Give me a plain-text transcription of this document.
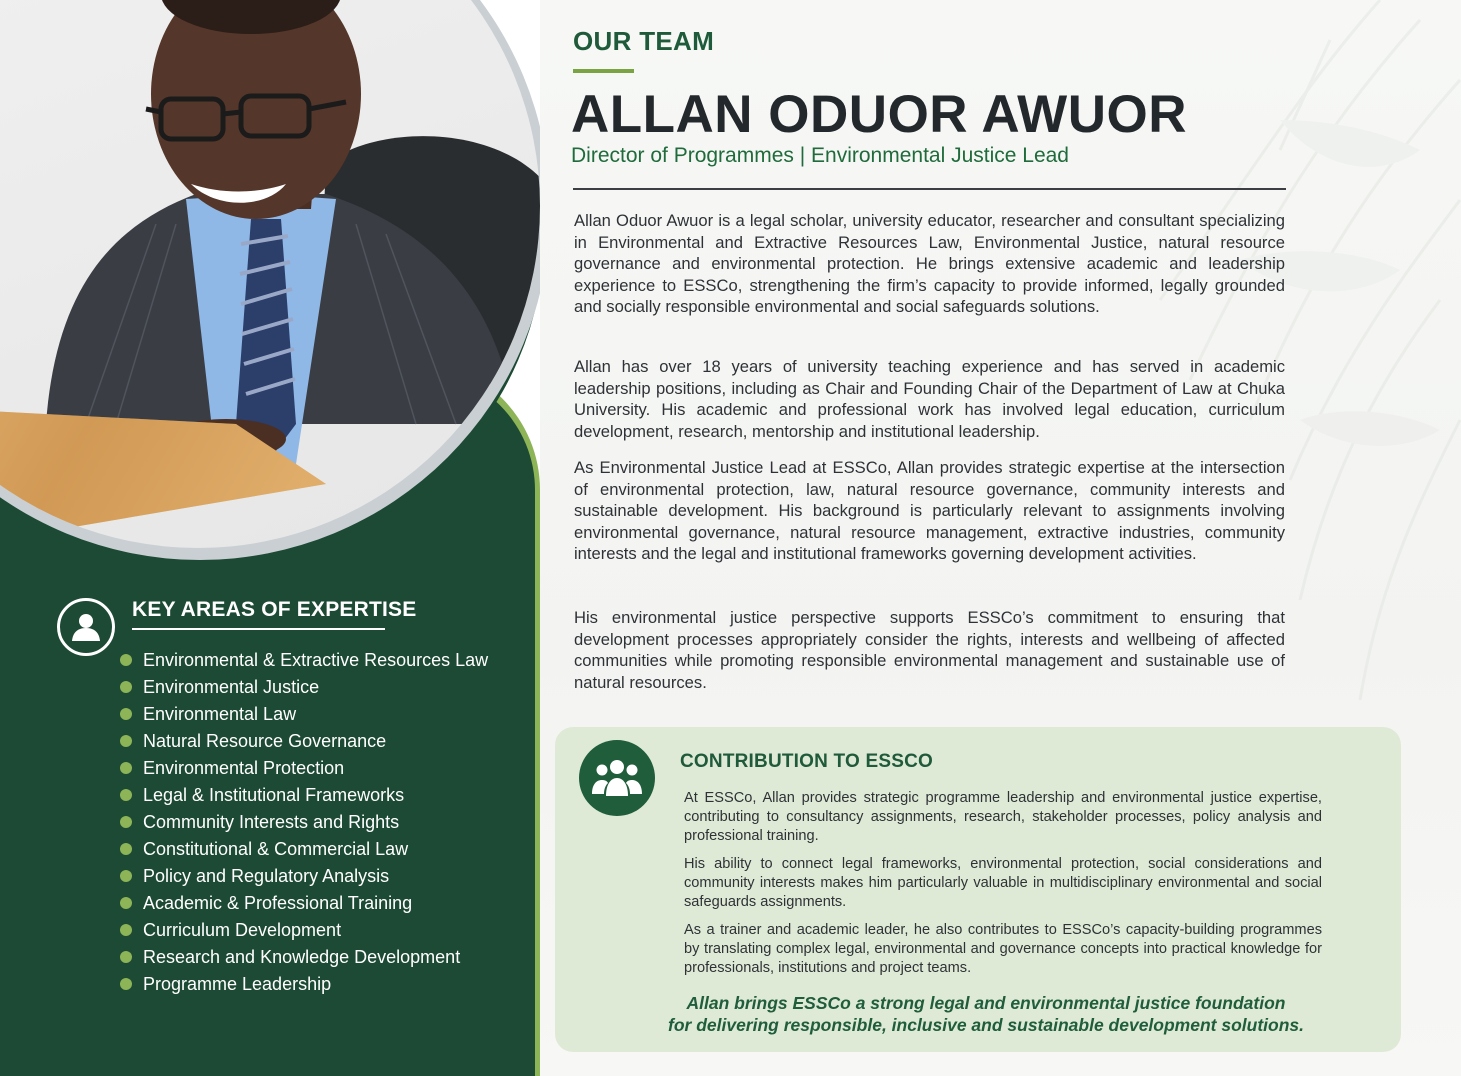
KEY AREAS OF EXPERTISE
Environmental & Extractive Resources Law
Environmental Justice
Environmental Law
Natural Resource Governance
Environmental Protection
Legal & Institutional Frameworks
Community Interests and Rights
Constitutional & Commercial Law
Policy and Regulatory Analysis
Academic & Professional Training
Curriculum Development
Research and Knowledge Development
Programme Leadership
OUR TEAM
ALLAN ODUOR AWUOR
Director of Programmes | Environmental Justice Lead

Allan Oduor Awuor is a legal scholar, university educator, researcher and consultant specializing in Environmental and Extractive Resources Law, Environmental Justice, natural resource governance and environmental protection. He brings extensive academic and leadership experience to ESSCo, strengthening the firm’s capacity to provide informed, legally grounded and socially responsible environmental and social safeguards solutions.

Allan has over 18 years of university teaching experience and has served in academic leadership positions, including as Chair and Founding Chair of the Department of Law at Chuka University. His academic and professional work has involved legal education, curriculum development, research, mentorship and institutional leadership.

As Environmental Justice Lead at ESSCo, Allan provides strategic expertise at the intersection of environmental protection, law, natural resource governance, community interests and sustainable development. His background is particularly relevant to assignments involving environmental governance, natural resource management, extractive industries, community interests and the legal and institutional frameworks governing development activities.

His environmental justice perspective supports ESSCo’s commitment to ensuring that development processes appropriately consider the rights, interests and wellbeing of affected communities while promoting responsible environmental management and sustainable use of natural resources.

CONTRIBUTION TO ESSCO
At ESSCo, Allan provides strategic programme leadership and environmental justice expertise, contributing to consultancy assignments, research, stakeholder processes, policy analysis and professional training.
His ability to connect legal frameworks, environmental protection, social considerations and community interests makes him particularly valuable in multidisciplinary environmental and social safeguards assignments.
As a trainer and academic leader, he also contributes to ESSCo’s capacity-building programmes by translating complex legal, environmental and governance concepts into practical knowledge for professionals, institutions and project teams.
Allan brings ESSCo a strong legal and environmental justice foundation
for delivering responsible, inclusive and sustainable development solutions.
